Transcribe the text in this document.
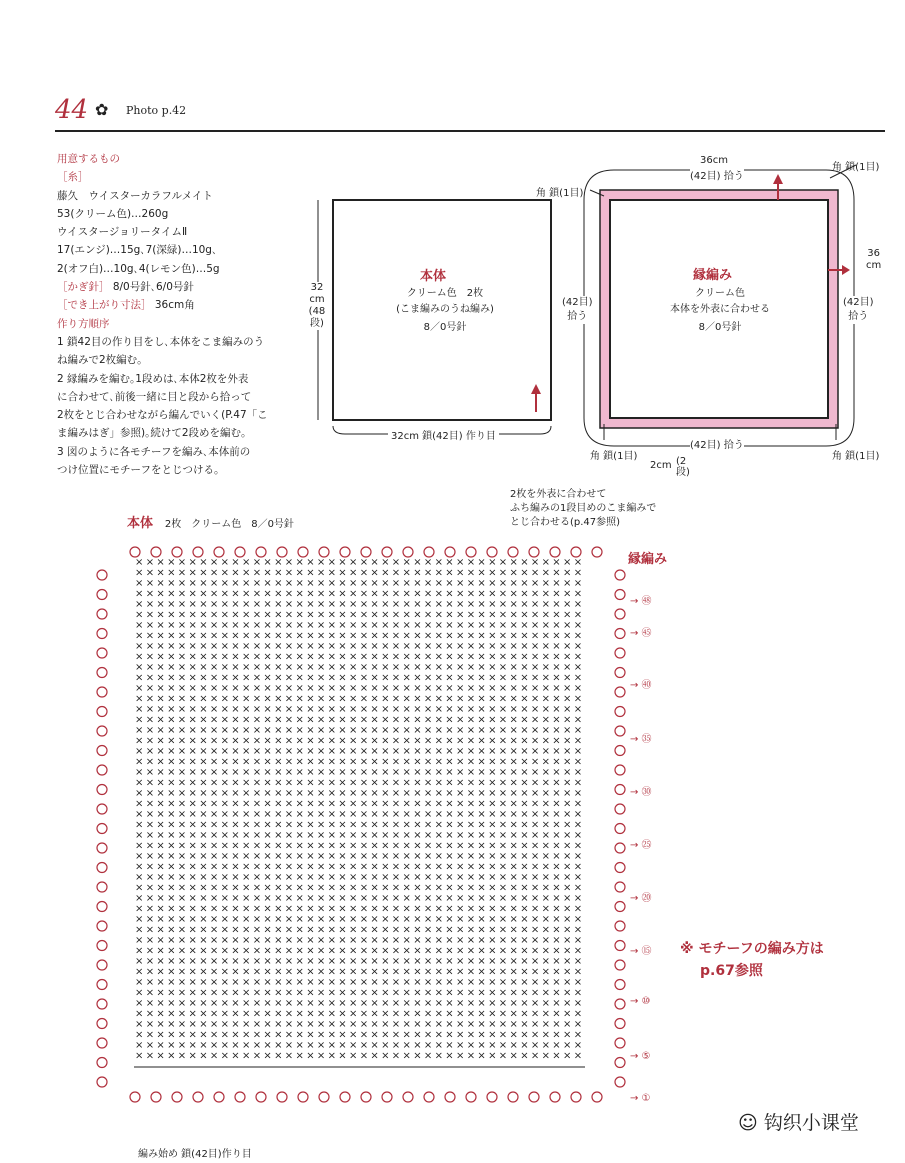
44 ✿ Photo p.42
用意するもの
［糸］
藤久　ウイスターカラフルメイト
53(クリーム色)…260g
ウイスタージョリータイムⅡ
17(エンジ)…15g､7(深緑)…10g､
2(オフ白)…10g､4(レモン色)…5g
［かぎ針］ 8/0号針､6/0号針
［でき上がり寸法］ 36cm角
作り方順序
1 鎖42目の作り目をし､本体をこま編みのう
ね編みで2枚編む｡
2 縁編みを編む｡1段めは､本体2枚を外表
に合わせて､前後一緒に目と段から拾って
2枚をとじ合わせながら編んでいく(P.47「こ
ま編みはぎ」参照)｡続けて2段めを編む｡
3 図のように各モチーフを編み､本体前の
つけ位置にモチーフをとじつける｡
本体
クリーム色　2枚
(こま編みのうね編み)
8／0号針
32
cm
(48
段)
32cm 鎖(42目) 作り目
縁編み
クリーム色
本体を外表に合わせる
8／0号針
36cm
(42目) 拾う
36
cm
(42目)
拾う
(42目)
拾う
(42目) 拾う
角 鎖(1目)
角 鎖(1目)
角 鎖(1目)	角 鎖(1目)
2cm (2段)
本体 2枚　クリーム色　8／0号針
2枚を外表に合わせて
ふち編みの1段目めのこま編みで
とじ合わせる(p.47参照)
縁編み
× × × × × × × × × × × × × × × × × × × × × × × × × × × × × × × × × × × × × × × × × ×
× × × × × × × × × × × × × × × × × × × × × × × × × × × × × × × × × × × × × × × × × ×
× × × × × × × × × × × × × × × × × × × × × × × × × × × × × × × × × × × × × × × × × ×
× × × × × × × × × × × × × × × × × × × × × × × × × × × × × × × × × × × × × × × × × ×
× × × × × × × × × × × × × × × × × × × × × × × × × × × × × × × × × × × × × × × × × ×
× × × × × × × × × × × × × × × × × × × × × × × × × × × × × × × × × × × × × × × × × ×
× × × × × × × × × × × × × × × × × × × × × × × × × × × × × × × × × × × × × × × × × ×
× × × × × × × × × × × × × × × × × × × × × × × × × × × × × × × × × × × × × × × × × ×
× × × × × × × × × × × × × × × × × × × × × × × × × × × × × × × × × × × × × × × × × ×
× × × × × × × × × × × × × × × × × × × × × × × × × × × × × × × × × × × × × × × × × ×
× × × × × × × × × × × × × × × × × × × × × × × × × × × × × × × × × × × × × × × × × ×
× × × × × × × × × × × × × × × × × × × × × × × × × × × × × × × × × × × × × × × × × ×
× × × × × × × × × × × × × × × × × × × × × × × × × × × × × × × × × × × × × × × × × ×
× × × × × × × × × × × × × × × × × × × × × × × × × × × × × × × × × × × × × × × × × ×
× × × × × × × × × × × × × × × × × × × × × × × × × × × × × × × × × × × × × × × × × ×
× × × × × × × × × × × × × × × × × × × × × × × × × × × × × × × × × × × × × × × × × ×
× × × × × × × × × × × × × × × × × × × × × × × × × × × × × × × × × × × × × × × × × ×
× × × × × × × × × × × × × × × × × × × × × × × × × × × × × × × × × × × × × × × × × ×
× × × × × × × × × × × × × × × × × × × × × × × × × × × × × × × × × × × × × × × × × ×
× × × × × × × × × × × × × × × × × × × × × × × × × × × × × × × × × × × × × × × × × ×
× × × × × × × × × × × × × × × × × × × × × × × × × × × × × × × × × × × × × × × × × ×
× × × × × × × × × × × × × × × × × × × × × × × × × × × × × × × × × × × × × × × × × ×
× × × × × × × × × × × × × × × × × × × × × × × × × × × × × × × × × × × × × × × × × ×
× × × × × × × × × × × × × × × × × × × × × × × × × × × × × × × × × × × × × × × × × ×
× × × × × × × × × × × × × × × × × × × × × × × × × × × × × × × × × × × × × × × × × ×
× × × × × × × × × × × × × × × × × × × × × × × × × × × × × × × × × × × × × × × × × ×
× × × × × × × × × × × × × × × × × × × × × × × × × × × × × × × × × × × × × × × × × ×
× × × × × × × × × × × × × × × × × × × × × × × × × × × × × × × × × × × × × × × × × ×
× × × × × × × × × × × × × × × × × × × × × × × × × × × × × × × × × × × × × × × × × ×
× × × × × × × × × × × × × × × × × × × × × × × × × × × × × × × × × × × × × × × × × ×
× × × × × × × × × × × × × × × × × × × × × × × × × × × × × × × × × × × × × × × × × ×
× × × × × × × × × × × × × × × × × × × × × × × × × × × × × × × × × × × × × × × × × ×
× × × × × × × × × × × × × × × × × × × × × × × × × × × × × × × × × × × × × × × × × ×
× × × × × × × × × × × × × × × × × × × × × × × × × × × × × × × × × × × × × × × × × ×
× × × × × × × × × × × × × × × × × × × × × × × × × × × × × × × × × × × × × × × × × ×
× × × × × × × × × × × × × × × × × × × × × × × × × × × × × × × × × × × × × × × × × ×
× × × × × × × × × × × × × × × × × × × × × × × × × × × × × × × × × × × × × × × × × ×
× × × × × × × × × × × × × × × × × × × × × × × × × × × × × × × × × × × × × × × × × ×
× × × × × × × × × × × × × × × × × × × × × × × × × × × × × × × × × × × × × × × × × ×
× × × × × × × × × × × × × × × × × × × × × × × × × × × × × × × × × × × × × × × × × ×
× × × × × × × × × × × × × × × × × × × × × × × × × × × × × × × × × × × × × × × × × ×
× × × × × × × × × × × × × × × × × × × × × × × × × × × × × × × × × × × × × × × × × ×
× × × × × × × × × × × × × × × × × × × × × × × × × × × × × × × × × × × × × × × × × ×
× × × × × × × × × × × × × × × × × × × × × × × × × × × × × × × × × × × × × × × × × ×
× × × × × × × × × × × × × × × × × × × × × × × × × × × × × × × × × × × × × × × × × ×
× × × × × × × × × × × × × × × × × × × × × × × × × × × × × × × × × × × × × × × × × ×
× × × × × × × × × × × × × × × × × × × × × × × × × × × × × × × × × × × × × × × × × ×
× × × × × × × × × × × × × × × × × × × × × × × × × × × × × × × × × × × × × × × × × ×
→ ㊽
→ ㊺
→ ㊵
→ ㉟
→ ㉚
→ ㉕
→ ⑳
→ ⑮
→ ⑩
→ ⑤
→ ①
編み始め 鎖(42目)作り目
※ モチーフの編み方は
p.67参照
☺ 钩织小课堂
